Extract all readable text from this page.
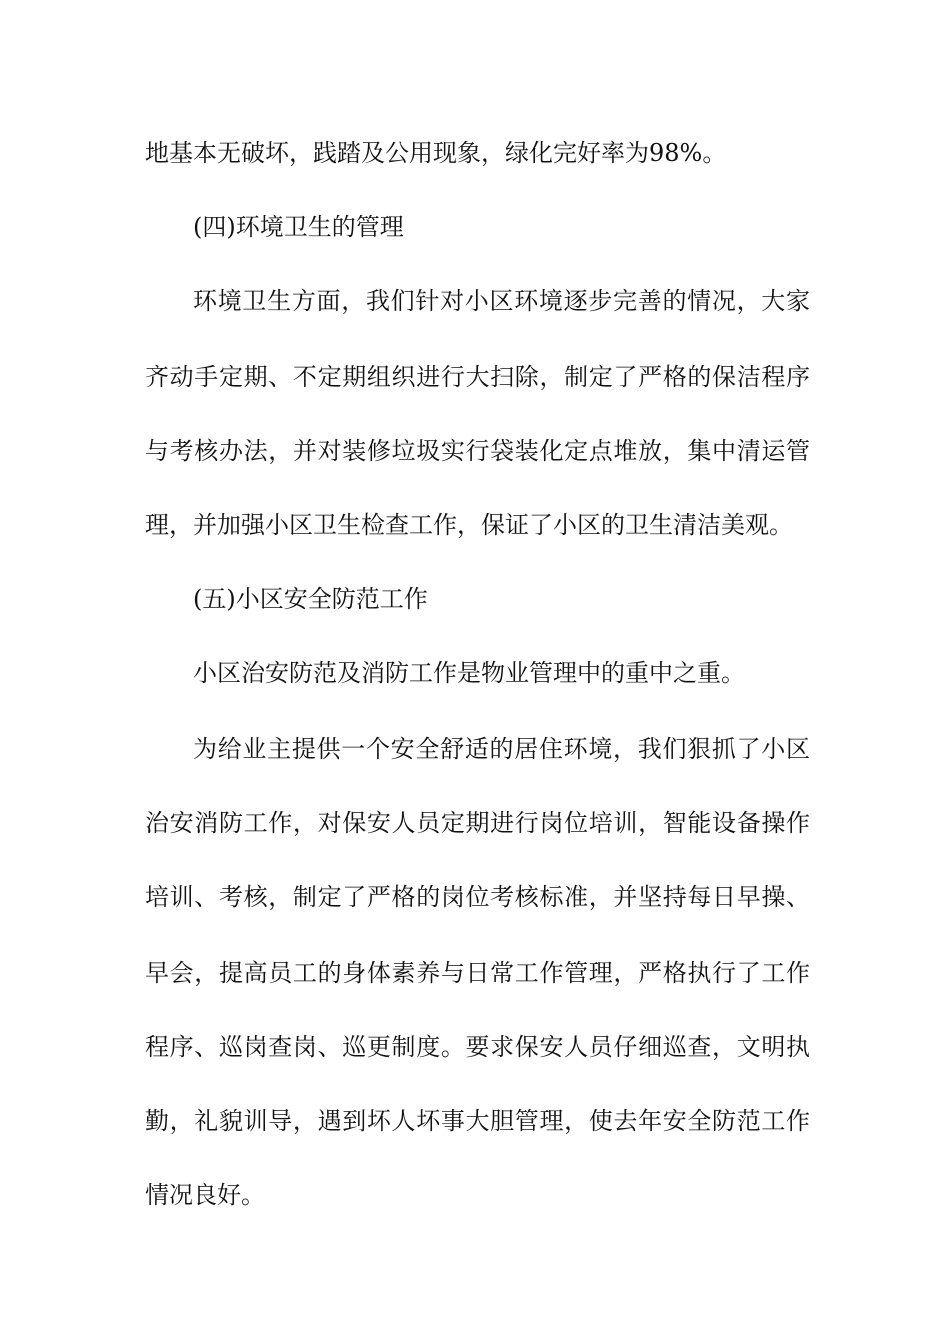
地基本无破坏，践踏及公用现象，绿化完好率为98%。
(四)环境卫生的管理
环境卫生方面，我们针对小区环境逐步完善的情况，大家
齐动手定期、不定期组织进行大扫除，制定了严格的保洁程序
与考核办法，并对装修垃圾实行袋装化定点堆放，集中清运管
理，并加强小区卫生检查工作，保证了小区的卫生清洁美观。
(五)小区安全防范工作
小区治安防范及消防工作是物业管理中的重中之重。
为给业主提供一个安全舒适的居住环境，我们狠抓了小区
治安消防工作，对保安人员定期进行岗位培训，智能设备操作
培训、考核，制定了严格的岗位考核标准，并坚持每日早操、
早会，提高员工的身体素养与日常工作管理，严格执行了工作
程序、巡岗查岗、巡更制度。要求保安人员仔细巡查，文明执
勤，礼貌训导，遇到坏人坏事大胆管理，使去年安全防范工作
情况良好。
